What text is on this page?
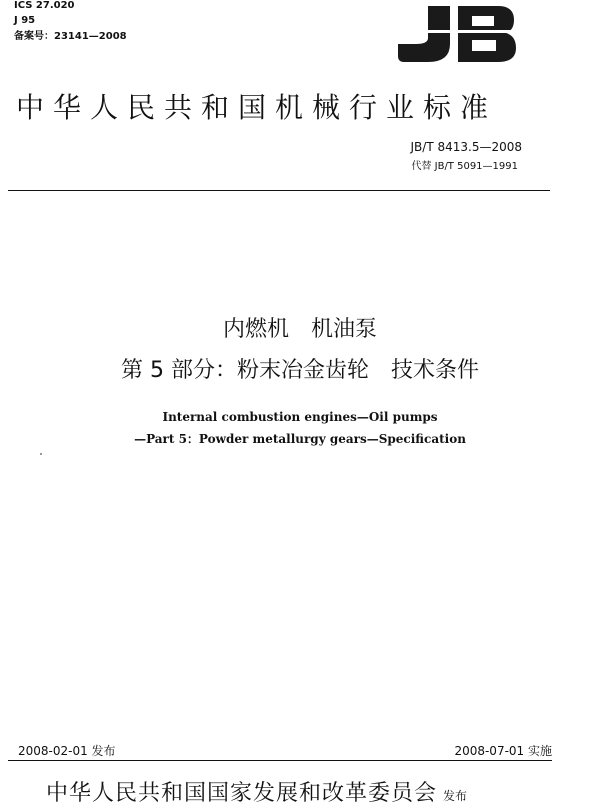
ICS 27.020
J 95
备案号：23141—2008
中华人民共和国机械行业标准
JB/T 8413.5—2008
代替 JB/T 5091—1991
内燃机　机油泵
第 5 部分：粉末冶金齿轮　技术条件
Internal combustion engines—Oil pumps
—Part 5：Powder metallurgy gears—Specification
2008-02-01 发布	2008-07-01 实施
中华人民共和国国家发展和改革委员会 发布
